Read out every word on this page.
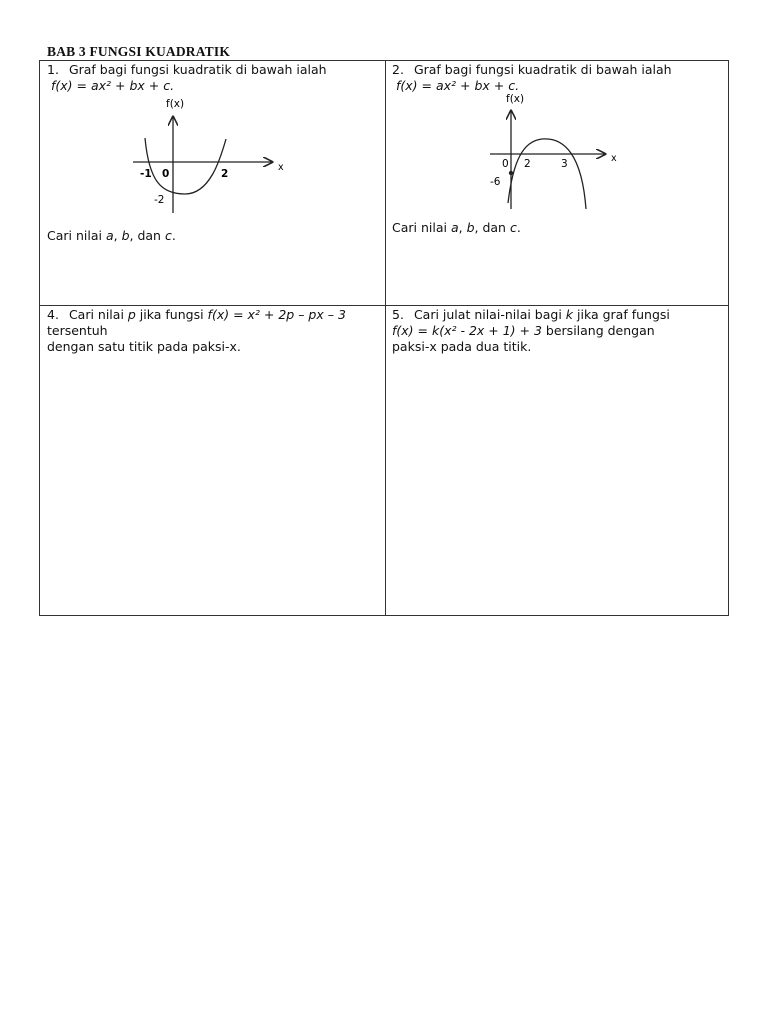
BAB 3 FUNGSI KUADRATIK
1. Graf bagi fungsi kuadratik di bawah ialah
f(x) = ax² + bx + c.
f(x)
x
-1 0	2
-2
Cari nilai a, b, dan c.
2. Graf bagi fungsi kuadratik di bawah ialah
f(x) = ax² + bx + c.
f(x)
x
0 2	3
-6
Cari nilai a, b, dan c.
4. Cari nilai p jika fungsi f(x) = x² + 2p – px – 3 tersentuh
dengan satu titik pada paksi-x.
5. Cari julat nilai-nilai bagi k jika graf fungsi
f(x) = k(x² - 2x + 1) + 3 bersilang dengan
paksi-x pada dua titik.
